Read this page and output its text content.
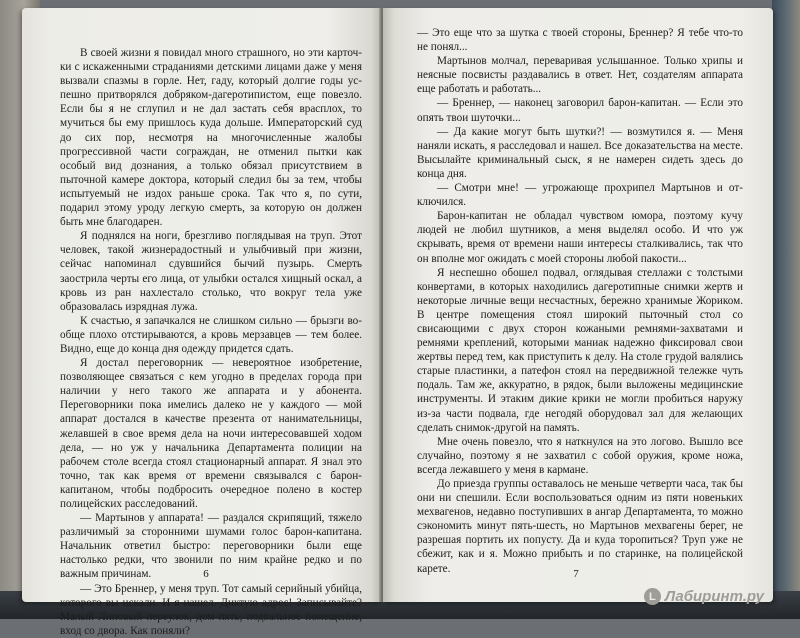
В своей жизни я повидал много страшного, но эти карточки с искаженными страданиями детскими лицами даже у меня вызвали спазмы в горле. Нет, гаду, который долгие годы успешно притворялся добряком-дагеротипистом, еще повезло. Если бы я не сглупил и не дал застать себя врасплох, то мучиться бы ему пришлось куда дольше. Императорский суд до сих пор, несмотря на многочисленные жалобы прогрессивной части сограждан, не отменил пытки как особый вид дознания, а только обязал присутствием в пыточной камере доктора, который следил бы за тем, чтобы испытуемый не издох раньше срока. Так что я, по сути, подарил этому уроду легкую смерть, за которую он должен быть мне благодарен.

Я поднялся на ноги, брезгливо поглядывая на труп. Этот человек, такой жизнерадостный и улыбчивый при жизни, сейчас напоминал сдувшийся бычий пузырь. Смерть заострила черты его лица, от улыбки остался хищный оскал, а кровь из ран нахлестало столько, что вокруг тела уже образовалась изрядная лужа.

К счастью, я запачкался не слишком сильно — брызги вообще плохо отстирываются, а кровь мерзавцев — тем более. Видно, еще до конца дня одежду придется сдать.

Я достал переговорник — невероятное изобретение, позволяющее связаться с кем угодно в пределах города при наличии у него такого же аппарата и у абонента. Переговорники пока имелись далеко не у каждого — мой аппарат достался в качестве презента от нанимательницы, желавшей в свое время дела на ночи интересовавшей ходом дела, — но уж у начальника Департамента полиции на рабочем столе всегда стоял стационарный аппарат. Я знал это точно, так как время от времени связывался с барон-капитаном, чтобы подбросить очередное полено в костер полицейских расследований.

— Мартынов у аппарата! — раздался скрипящий, тяжело различимый за сторонними шумами голос барон-капитана. Начальник ответил быстро: переговорники были еще настолько редки, что звонили по ним крайне редко и по важным причинам.

— Это Бреннер, у меня труп. Тот самый серийный убийца, которого вы искали. И я нашел. Диктую адрес! Записывайте? Малый Липовый переулок, дом пять, подвальное помещение, вход со двора. Как поняли?

6

— Это еще что за шутка с твоей стороны, Бреннер? Я тебе что-то не понял...

Мартынов молчал, переваривая услышанное. Только хрипы и неясные посвисты раздавались в ответ. Нет, создателям аппарата еще работать и работать...

— Бреннер, — наконец заговорил барон-капитан. — Если это опять твои шуточки...

— Да какие могут быть шутки?! — возмутился я. — Меня наняли искать, я расследовал и нашел. Все доказательства на месте. Высылайте криминальный сыск, я не намерен сидеть здесь до конца дня.

— Смотри мне! — угрожающе прохрипел Мартынов и отключился.

Барон-капитан не обладал чувством юмора, поэтому кучу людей не любил шутников, а меня выделял особо. И что уж скрывать, время от времени наши интересы сталкивались, так что он вполне мог ожидать с моей стороны любой пакости...

Я неспешно обошел подвал, оглядывая стеллажи с толстыми конвертами, в которых находились дагеротипные снимки жертв и некоторые личные вещи несчастных, бережно хранимые Жориком. В центре помещения стоял широкий пыточный стол со свисающими с двух сторон кожаными ремнями-захватами и ремнями креплений, которыми маниак надежно фиксировал свои жертвы перед тем, как приступить к делу. На столе грудой валялись старые пластинки, а патефон стоял на передвижной тележке чуть подаль. Там же, аккуратно, в рядок, были выложены медицинские инструменты. И этаким дикие крики не могли пробиться наружу из-за части подвала, где негодяй оборудовал зал для желающих сделать снимок-другой на память.

Мне очень повезло, что я наткнулся на это логово. Вышло все случайно, поэтому я не захватил с собой оружия, кроме ножа, всегда лежавшего у меня в кармане.

До приезда группы оставалось не меньше четверти часа, так бы они ни спешили. Если воспользоваться одним из пяти новеньких мехвагенов, недавно поступивших в ангар Департамента, то можно сэкономить минут пять-шесть, но Мартынов мехвагены берег, не разрешая портить их попусту. Да и куда торопиться? Труп уже не сбежит, как и я. Можно прибыть и по старинке, на полицейской карете.	7
L Лабиринт.ру
